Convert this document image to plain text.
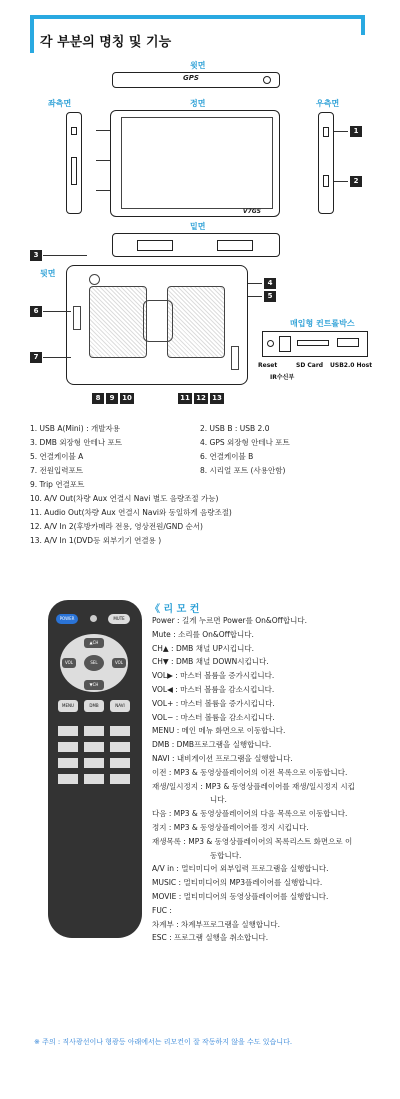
각 부분의 명칭 및 기능
윗면
GPS
좌측면	정면	우측면
V7GS
1
2
밑면
3
뒷면
4
5
6
7
8	9	10	11 12 13
매입형 컨트롤박스
Reset
IR수신부
SD Card USB2.0 Host
1. USB A(Mini) : 개발자용	2. USB B : USB 2.0
3. DMB 외장형 안테나 포트	4. GPS 외장형 안테나 포트
5. 연결케이블 A	6. 연결케이블 B
7. 전원입력포트	8. 시리얼 포트 (사용안함)
9. Trip 연결포트
10. A/V Out(차량 Aux 연결시 Navi 별도 음량조절 가능)
11. Audio Out(차량 Aux 연결시 Navi와 동일하게 음량조절)
12. A/V In 2(후방카메라 전용, 영상전원/GND 순서)
13. A/V In 1(DVD등 외부기기 연결용 )
POWER	MUTE
▲CH
▼CH
VOL	VOL
SEL
MENU	DMB	NAVI
《 리 모 컨
Power : 길게 누르면 Power를 On&Off합니다.
Mute : 소리를 On&Off합니다.
CH▲ : DMB 채널 UP시킵니다.
CH▼ : DMB 채널 DOWN시킵니다.
VOL▶ : 마스터 볼륨을 증가시킵니다.
VOL◀ : 마스터 볼륨을 감소시킵니다.
VOL+ : 마스터 볼륨을 증가시킵니다.
VOL− : 마스터 볼륨을 감소시킵니다.
MENU : 메인 메뉴 화면으로 이동합니다.
DMB : DMB프로그램을 실행합니다.
NAVI : 내비게이션 프로그램을 실행합니다.
이전 : MP3 & 동영상플레이어의 이전 목록으로 이동합니다.
재생/일시정지 : MP3 & 동영상플레이어를 재생/일시정지 시킵
니다.
다음 : MP3 & 동영상플레이어의 다음 목록으로 이동합니다.
정지 : MP3 & 동영상플레이어를 정지 시킵니다.
재생목록 : MP3 & 동영상플레이어의 목록리스트 화면으로 이
동합니다.
A/V in : 멀티미디어 외부입력 프로그램을 실행합니다.
MUSIC : 멀티미디어의 MP3플레이어를 실행합니다.
MOVIE : 멀티미디어의 동영상플레이어를 실행합니다.
FUC :
차계부 : 차계부프로그램을 실행합니다.
ESC : 프로그램 실행을 취소합니다.
※ 주의 : 직사광선이나 형광등 아래에서는 리모컨이 잘 작동하지 않을 수도 있습니다.
